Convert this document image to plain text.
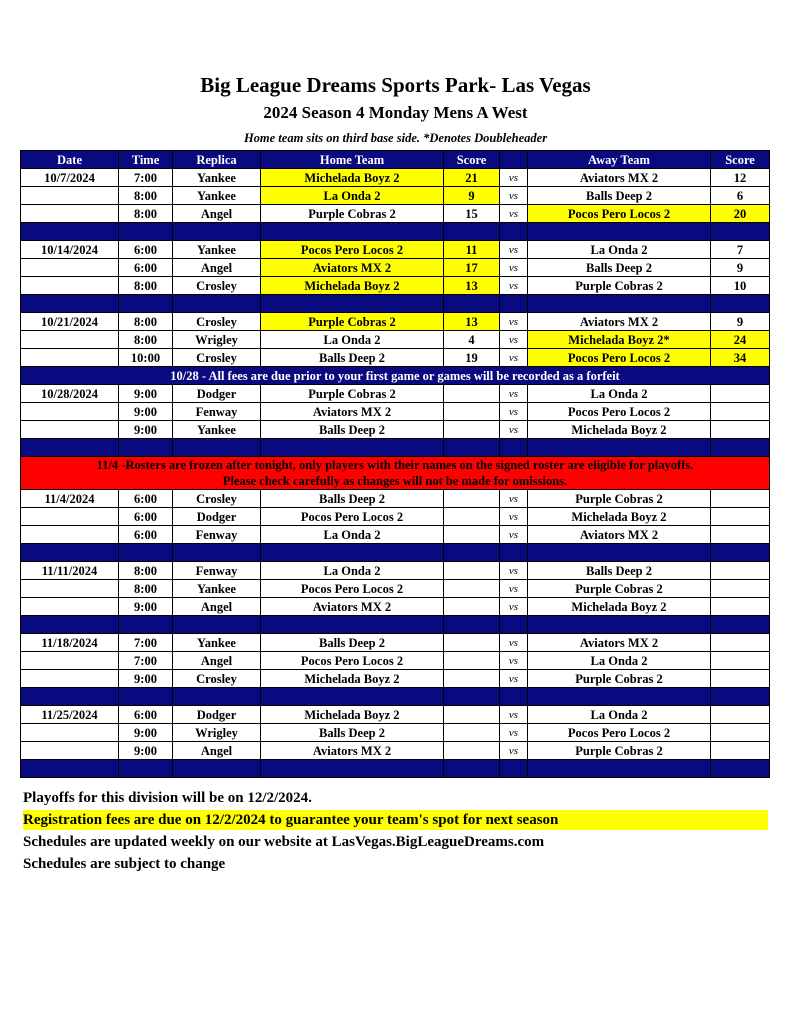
Big League Dreams Sports Park- Las Vegas
2024 Season 4 Monday Mens A West
Home team sits on third base side. *Denotes Doubleheader
Date	Time	Replica	Home Team	Score		Away Team	Score
10/7/2024	7:00	Yankee	Michelada Boyz 2	21	vs	Aviators MX 2	12
	8:00	Yankee	La Onda 2	9	vs	Balls Deep 2	6
	8:00	Angel	Purple Cobras 2	15	vs	Pocos Pero Locos 2	20

10/14/2024	6:00	Yankee	Pocos Pero Locos 2	11	vs	La Onda 2	7
	6:00	Angel	Aviators MX 2	17	vs	Balls Deep 2	9
	8:00	Crosley	Michelada Boyz 2	13	vs	Purple Cobras 2	10

10/21/2024	8:00	Crosley	Purple Cobras 2	13	vs	Aviators MX 2	9
	8:00	Wrigley	La Onda 2	4	vs	Michelada Boyz 2*	24
	10:00	Crosley	Balls Deep 2	19	vs	Pocos Pero Locos 2	34
10/28 - All fees are due prior to your first game or games will be recorded as a forfeit							
10/28/2024	9:00	Dodger	Purple Cobras 2		vs	La Onda 2	
	9:00	Fenway	Aviators MX 2		vs	Pocos Pero Locos 2	
	9:00	Yankee	Balls Deep 2		vs	Michelada Boyz 2	

11/4 -Rosters are frozen after tonight, only players with their names on the signed roster are eligible for playoffs.
Please check carefully as changes will not be made for omissions.							

11/4/2024	6:00	Crosley	Balls Deep 2		vs	Purple Cobras 2	
	6:00	Dodger	Pocos Pero Locos 2		vs	Michelada Boyz 2	
	6:00	Fenway	La Onda 2		vs	Aviators MX 2	

11/11/2024	8:00	Fenway	La Onda 2		vs	Balls Deep 2	
	8:00	Yankee	Pocos Pero Locos 2		vs	Purple Cobras 2	
	9:00	Angel	Aviators MX 2		vs	Michelada Boyz 2	

11/18/2024	7:00	Yankee	Balls Deep 2		vs	Aviators MX 2	
	7:00	Angel	Pocos Pero Locos 2		vs	La Onda 2	
	9:00	Crosley	Michelada Boyz 2		vs	Purple Cobras 2	

11/25/2024	6:00	Dodger	Michelada Boyz 2		vs	La Onda 2	
	9:00	Wrigley	Balls Deep 2		vs	Pocos Pero Locos 2	
	9:00	Angel	Aviators MX 2		vs	Purple Cobras 2	

Playoffs for this division will be on 12/2/2024.
Registration fees are due on 12/2/2024 to guarantee your team's spot for next season
Schedules are updated weekly on our website at LasVegas.BigLeagueDreams.com
Schedules are subject to change
